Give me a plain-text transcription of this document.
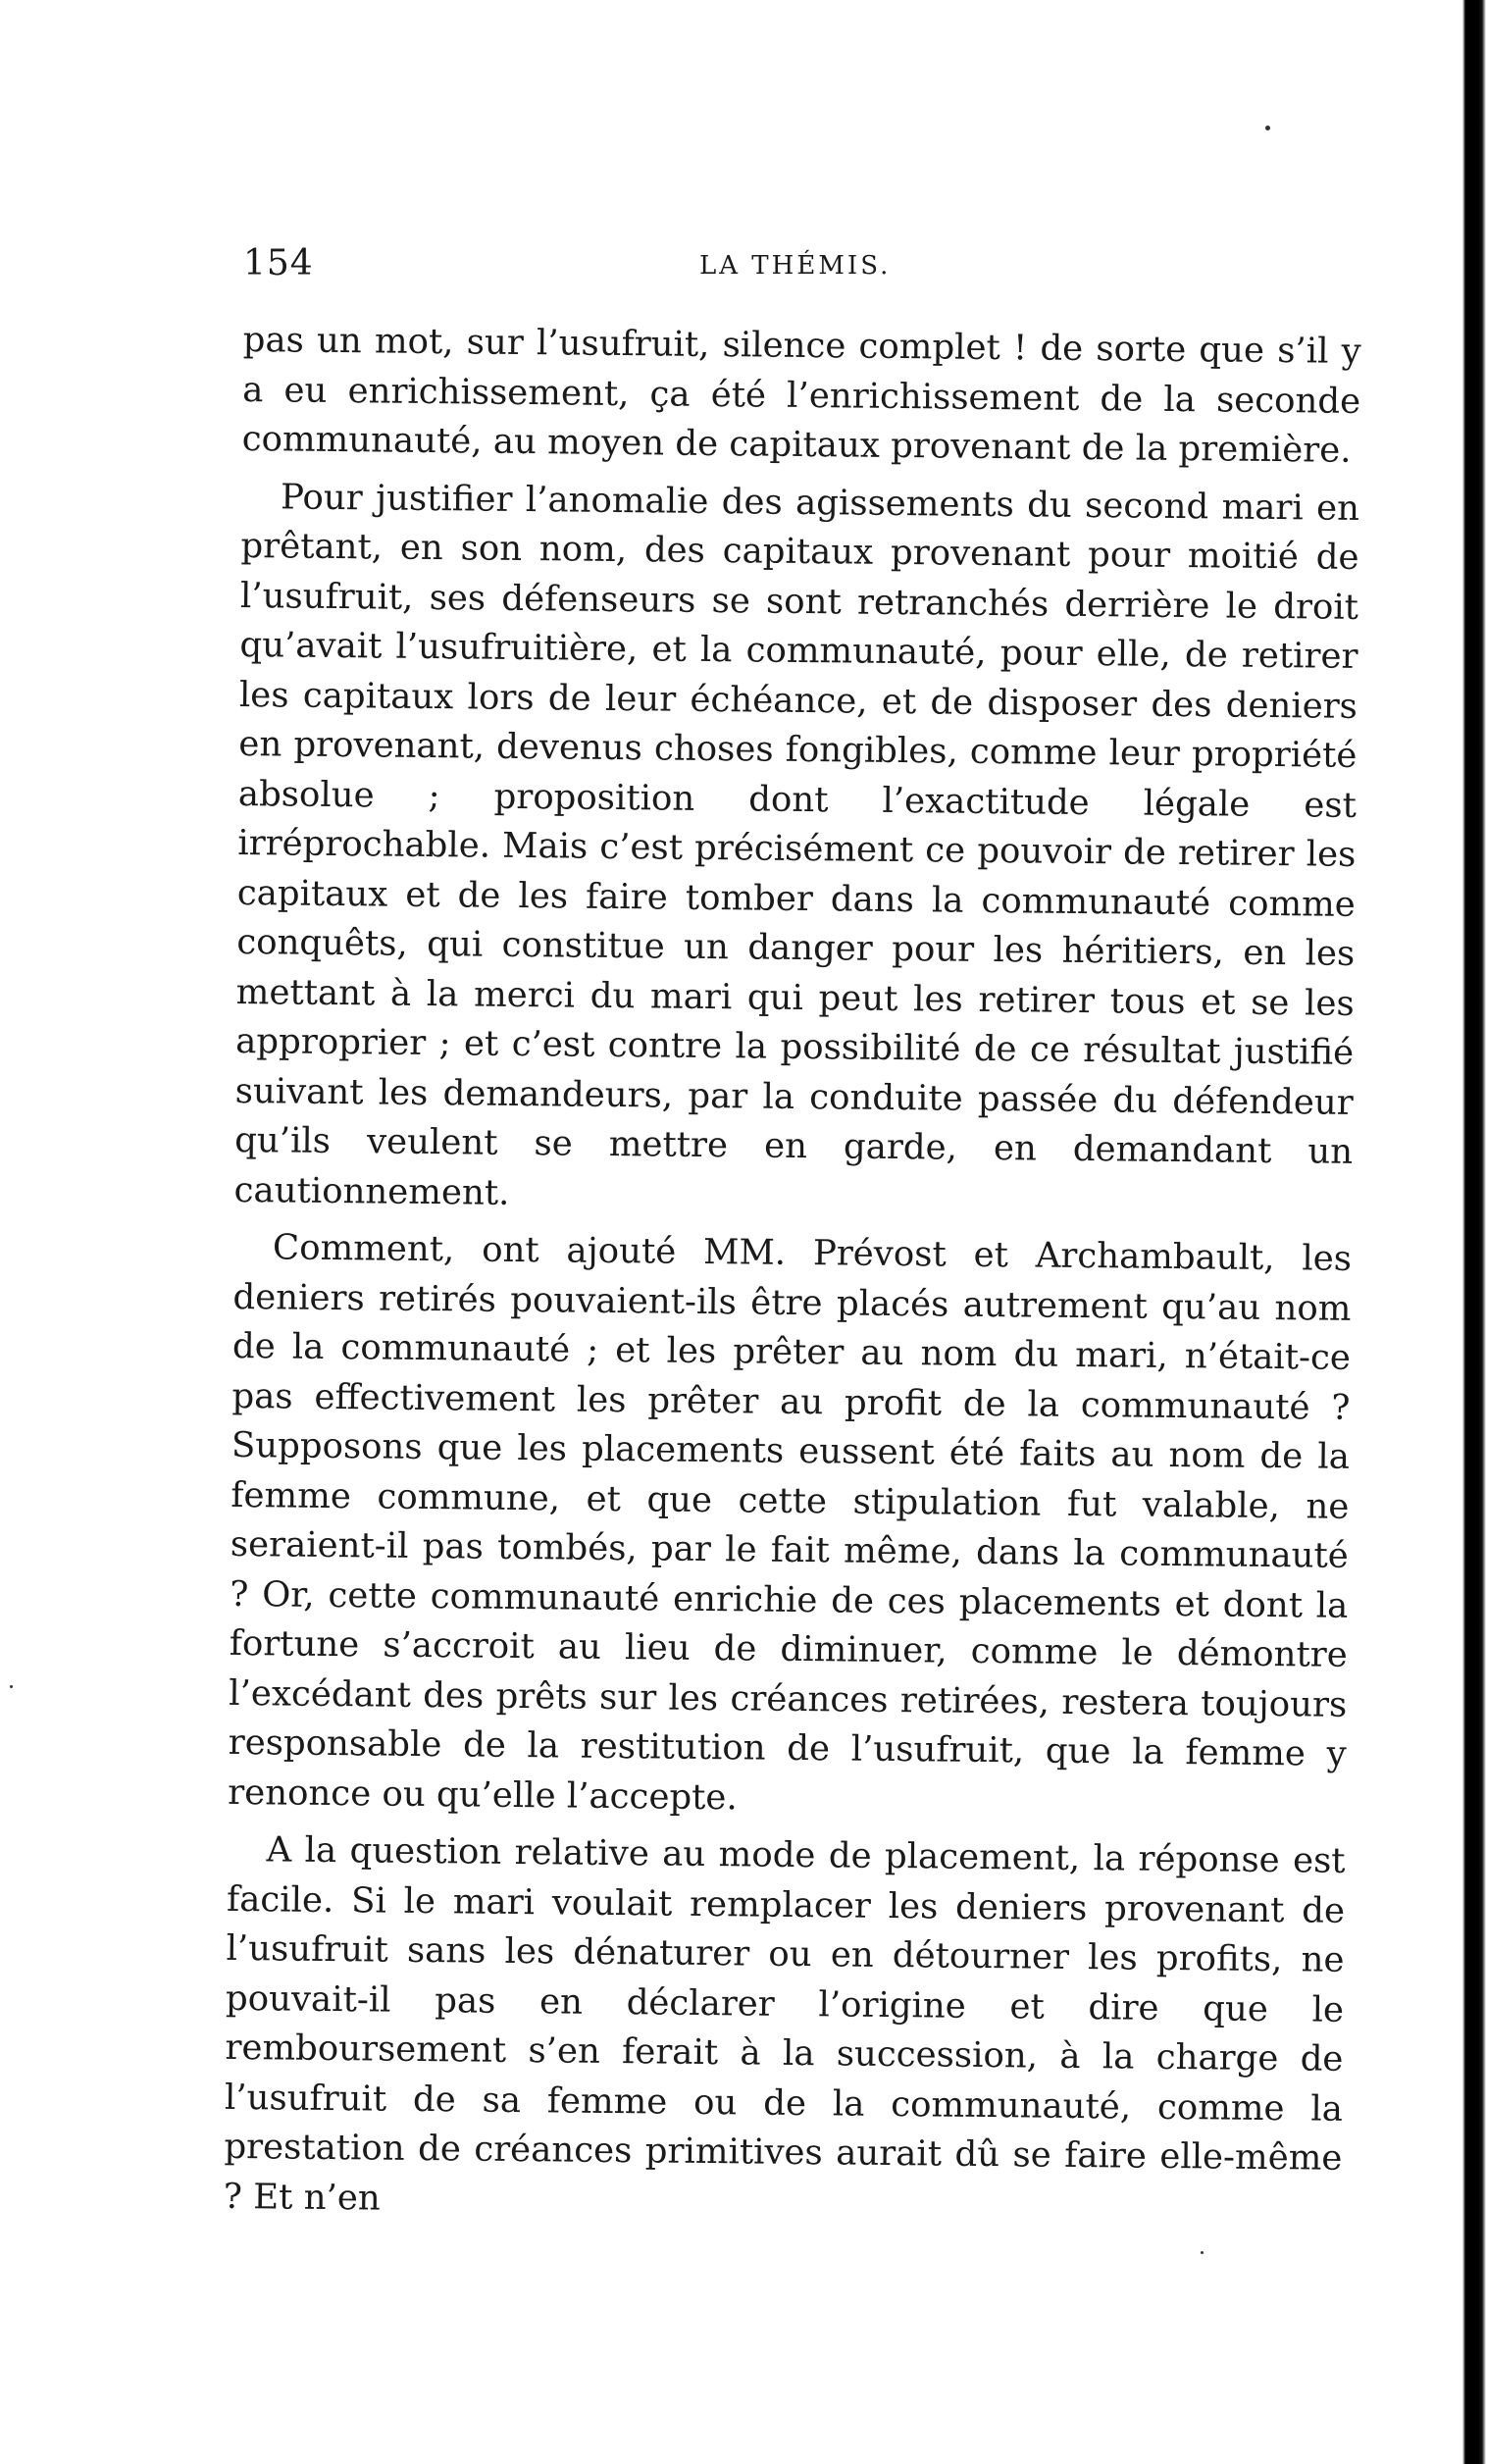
154	LA THÉMIS.

pas un mot, sur l’usufruit, silence complet ! de sorte que s’il y a eu enrichissement, ça été l’enrichissement de la seconde communauté, au moyen de capitaux provenant de la première.

Pour justifier l’anomalie des agissements du second mari en prêtant, en son nom, des capitaux provenant pour moitié de l’usufruit, ses défenseurs se sont retranchés derrière le droit qu’avait l’usufruitière, et la communauté, pour elle, de retirer les capitaux lors de leur échéance, et de disposer des deniers en provenant, devenus choses fongibles, comme leur propriété absolue ; proposition dont l’exactitude légale est irréprochable. Mais c’est précisément ce pouvoir de retirer les capitaux et de les faire tomber dans la communauté comme conquêts, qui constitue un danger pour les héritiers, en les mettant à la merci du mari qui peut les retirer tous et se les approprier ; et c’est contre la possibilité de ce résultat justifié suivant les demandeurs, par la conduite passée du défendeur qu’ils veulent se mettre en garde, en demandant un cautionnement.

Comment, ont ajouté MM. Prévost et Archambault, les deniers retirés pouvaient-ils être placés autrement qu’au nom de la communauté ; et les prêter au nom du mari, n’était-ce pas effectivement les prêter au profit de la communauté ? Supposons que les placements eussent été faits au nom de la femme commune, et que cette stipulation fut valable, ne seraient-il pas tombés, par le fait même, dans la communauté ? Or, cette communauté enrichie de ces placements et dont la fortune s’accroit au lieu de diminuer, comme le démontre l’excédant des prêts sur les créances retirées, restera toujours responsable de la restitution de l’usufruit, que la femme y renonce ou qu’elle l’accepte.

A la question relative au mode de placement, la réponse est facile. Si le mari voulait remplacer les deniers provenant de l’usufruit sans les dénaturer ou en détourner les profits, ne pouvait-il pas en déclarer l’origine et dire que le remboursement s’en ferait à la succession, à la charge de l’usufruit de sa femme ou de la communauté, comme la prestation de créances primitives aurait dû se faire elle-même ? Et n’en
